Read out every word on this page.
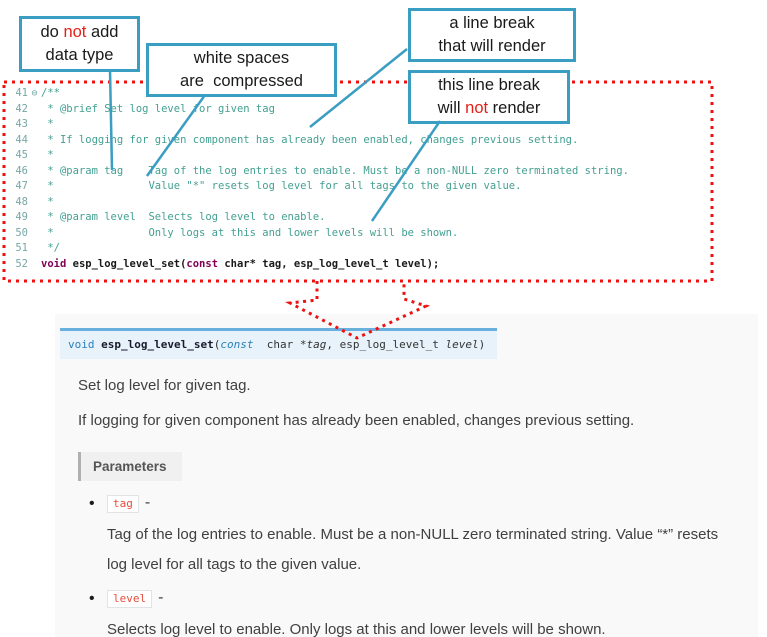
41 ⊖ /**
42 * @brief Set log level for given tag
43 *
44 * If logging for given component has already been enabled, changes previous setting.
45 *
46 * @param tag    Tag of the log entries to enable. Must be a non-NULL zero terminated string.
47 *               Value "*" resets log level for all tags to the given value.
48 *
49 * @param level  Selects log level to enable.
50 *               Only logs at this and lower levels will be shown.
51 */
52 void esp_log_level_set(const char* tag, esp_log_level_t level);
do not add
data type	white spaces
are  compressed
a line break
that will render
this line break
will not render
void esp_log_level_set(const  char *tag, esp_log_level_t level)

Set log level for given tag.

If logging for given component has already been enabled, changes previous setting.

Parameters
• tag -

Tag of the log entries to enable. Must be a non-NULL zero terminated string. Value “*” resets log level for all tags to the given value.

• level -

Selects log level to enable. Only logs at this and lower levels will be shown.
